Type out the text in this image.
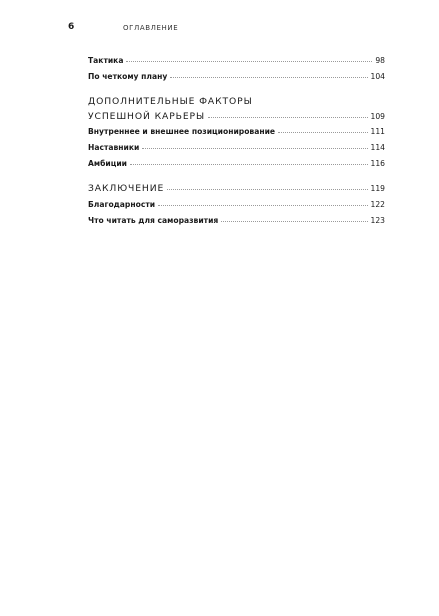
6	ОГЛАВЛЕНИЕ
Тактика	98
По четкому плану	104
ДОПОЛНИТЕЛЬНЫЕ ФАКТОРЫ
УСПЕШНОЙ КАРЬЕРЫ	109
Внутреннее и внешнее позиционирование	111
Наставники	114
Амбиции	116
ЗАКЛЮЧЕНИЕ	119
Благодарности	122
Что читать для саморазвития	123
